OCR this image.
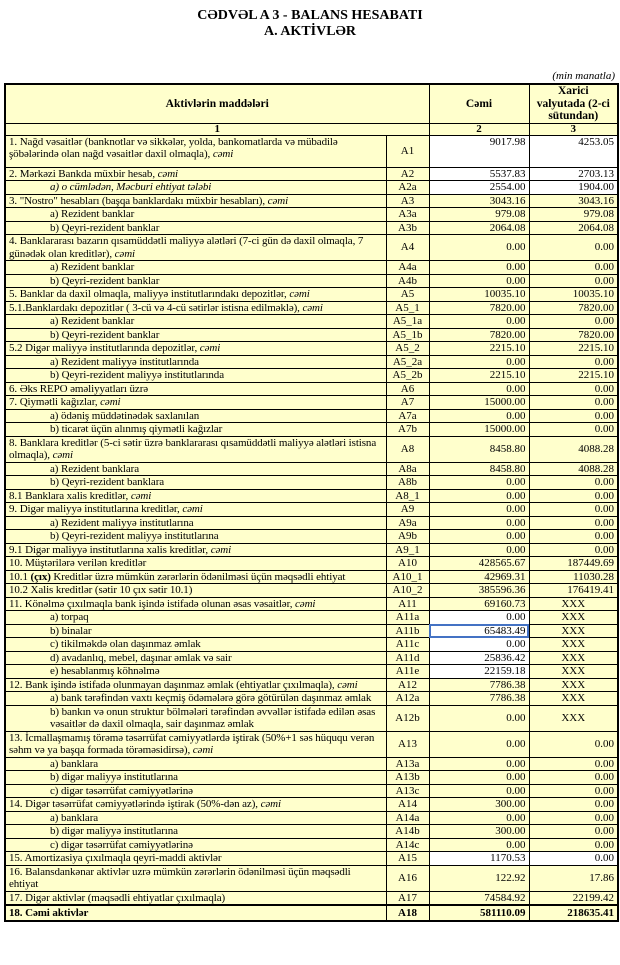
CƏDVƏL A 3 - BALANS HESABATI
A. AKTİVLƏR
(min manatla)
Aktivlərin maddələri		Cəmi	Xarici valyutada (2-ci sütundan)
1		2	3
1. Nağd vəsaitlər (banknotlar və sikkələr, yolda, bankomatlarda və mübadilə şöbələrində olan nağd vəsaitlər daxil olmaqla), cəmi	A1	9017.98	4253.05
2. Mərkəzi Bankda müxbir hesab, cəmi	A2	5537.83	2703.13
a) o cümlədən, Məcburi ehtiyat tələbi	A2a	2554.00	1904.00
3. "Nostro" hesabları (başqa banklardakı müxbir hesabları), cəmi	A3	3043.16	3043.16
a) Rezident banklar	A3a	979.08	979.08
b) Qeyri-rezident banklar	A3b	2064.08	2064.08
4. Banklararası bazarın qısamüddətli maliyyə alətləri (7-ci gün də daxil olmaqla, 7 günədək olan kreditlər), cəmi	A4	0.00	0.00
a) Rezident banklar	A4a	0.00	0.00
b) Qeyri-rezident banklar	A4b	0.00	0.00
5. Banklar da daxil olmaqla, maliyyə institutlarındakı depozitlər, cəmi	A5	10035.10	10035.10
5.1.Banklardakı depozitlər ( 3-cü və 4-cü sətirlər istisna edilməklə), cəmi	A5_1	7820.00	7820.00
a) Rezident banklar	A5_1a	0.00	0.00
b) Qeyri-rezident banklar	A5_1b	7820.00	7820.00
5.2 Digər maliyyə institutlarında depozitlər, cəmi	A5_2	2215.10	2215.10
a) Rezident maliyyə institutlarında	A5_2a	0.00	0.00
b) Qeyri-rezident maliyyə institutlarında	A5_2b	2215.10	2215.10
6. Əks REPO əməliyyatları üzrə	A6	0.00	0.00
7. Qiymətli kağızlar, cəmi	A7	15000.00	0.00
a) ödəniş müddətinədək saxlanılan	A7a	0.00	0.00
b) ticarət üçün alınmış qiymətli kağızlar	A7b	15000.00	0.00
8. Banklara kreditlər (5-ci sətir üzrə banklararası qısamüddətli maliyyə alətləri istisna olmaqla), cəmi	A8	8458.80	4088.28
a) Rezident banklara	A8a	8458.80	4088.28
b) Qeyri-rezident banklara	A8b	0.00	0.00
8.1 Banklara xalis kreditlər, cəmi	A8_1	0.00	0.00
9. Digər maliyyə institutlarına kreditlər, cəmi	A9	0.00	0.00
a) Rezident maliyyə institutlarına	A9a	0.00	0.00
b) Qeyri-rezident maliyyə institutlarına	A9b	0.00	0.00
9.1 Digər maliyyə institutlarına xalis kreditlər, cəmi	A9_1	0.00	0.00
10. Müştərilərə verilən kreditlər	A10	428565.67	187449.69
10.1 (çıx) Kreditlər üzrə mümkün zərərlərin ödənilməsi üçün məqsədli ehtiyat	A10_1	42969.31	11030.28
10.2 Xalis kreditlər (sətir 10 çıx sətir 10.1)	A10_2	385596.36	176419.41
11. Könəlmə çıxılmaqla bank işində istifadə olunan əsas vəsaitlər, cəmi	A11	69160.73	XXX
a) torpaq	A11a	0.00	XXX
b) binalar	A11b	65483.49	XXX
c) tikilməkdə olan daşınmaz əmlak	A11c	0.00	XXX
d) avadanlıq, mebel, daşınar əmlak və sair	A11d	25836.42	XXX
e) hesablanmış köhnəlmə	A11e	22159.18	XXX
12. Bank işində istifadə olunmayan daşınmaz əmlak (ehtiyatlar çıxılmaqla), cəmi	A12	7786.38	XXX
a) bank tərəfindən vaxtı keçmiş ödəmələrə görə götürülən daşınmaz əmlak	A12a	7786.38	XXX
b) bankın və onun struktur bölmələri tərəfindən əvvəllər istifadə edilən əsas vəsaitlər də daxil olmaqla, sair daşınmaz əmlak	A12b	0.00	XXX
13. İcmallaşmamış törəmə təsərrüfat cəmiyyətlərdə iştirak (50%+1 səs hüququ verən səhm və ya başqa formada törəməsidirsə), cəmi	A13	0.00	0.00
a) banklara	A13a	0.00	0.00
b) digər maliyyə institutlarına	A13b	0.00	0.00
c) digər təsərrüfat cəmiyyətlərinə	A13c	0.00	0.00
14. Digər təsərrüfat cəmiyyətlərində iştirak (50%-dən az), cəmi	A14	300.00	0.00
a) banklara	A14a	0.00	0.00
b) digər maliyyə institutlarına	A14b	300.00	0.00
c) digər təsərrüfat cəmiyyətlərinə	A14c	0.00	0.00
15. Amortizasiya çıxılmaqla qeyri-maddi aktivlər	A15	1170.53	0.00
16. Balansdankənar aktivlər uzrə mümkün zərərlərin ödənilməsi üçün məqsədli ehtiyat	A16	122.92	17.86
17. Digər aktivlər (məqsədli ehtiyatlar çıxılmaqla)	A17	74584.92	22199.42
18. Cəmi aktivlər	A18	581110.09	218635.41
